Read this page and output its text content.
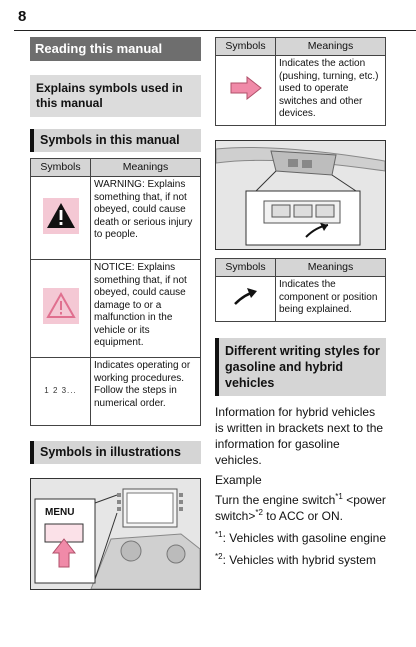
8
Reading this manual
Explains symbols used in this manual
Symbols in this manual
Symbols	Meanings

	WARNING: Explains something that, if not obeyed, could cause death or serious injury to people.

	NOTICE: Explains something that, if not obeyed, could cause damage to or a malfunction in the vehicle or its equipment.
1 2 3...	Indicates operating or working procedures. Follow the steps in numerical order.
Symbols in illustrations
MENU
Symbols	Meanings
	Indicates the action (pushing, turning, etc.) used to operate switches and other devices.
Symbols	Meanings
	Indicates the component or position being explained.
Different writing styles for gasoline and hybrid vehicles

Information for hybrid vehicles is written in brackets next to the information for gasoline vehicles.

Example

Turn the engine switch$^{*1}$ <power switch>$^{*2}$ to ACC or ON.

$^{*1}$: Vehicles with gasoline engine

$^{*2}$: Vehicles with hybrid system
